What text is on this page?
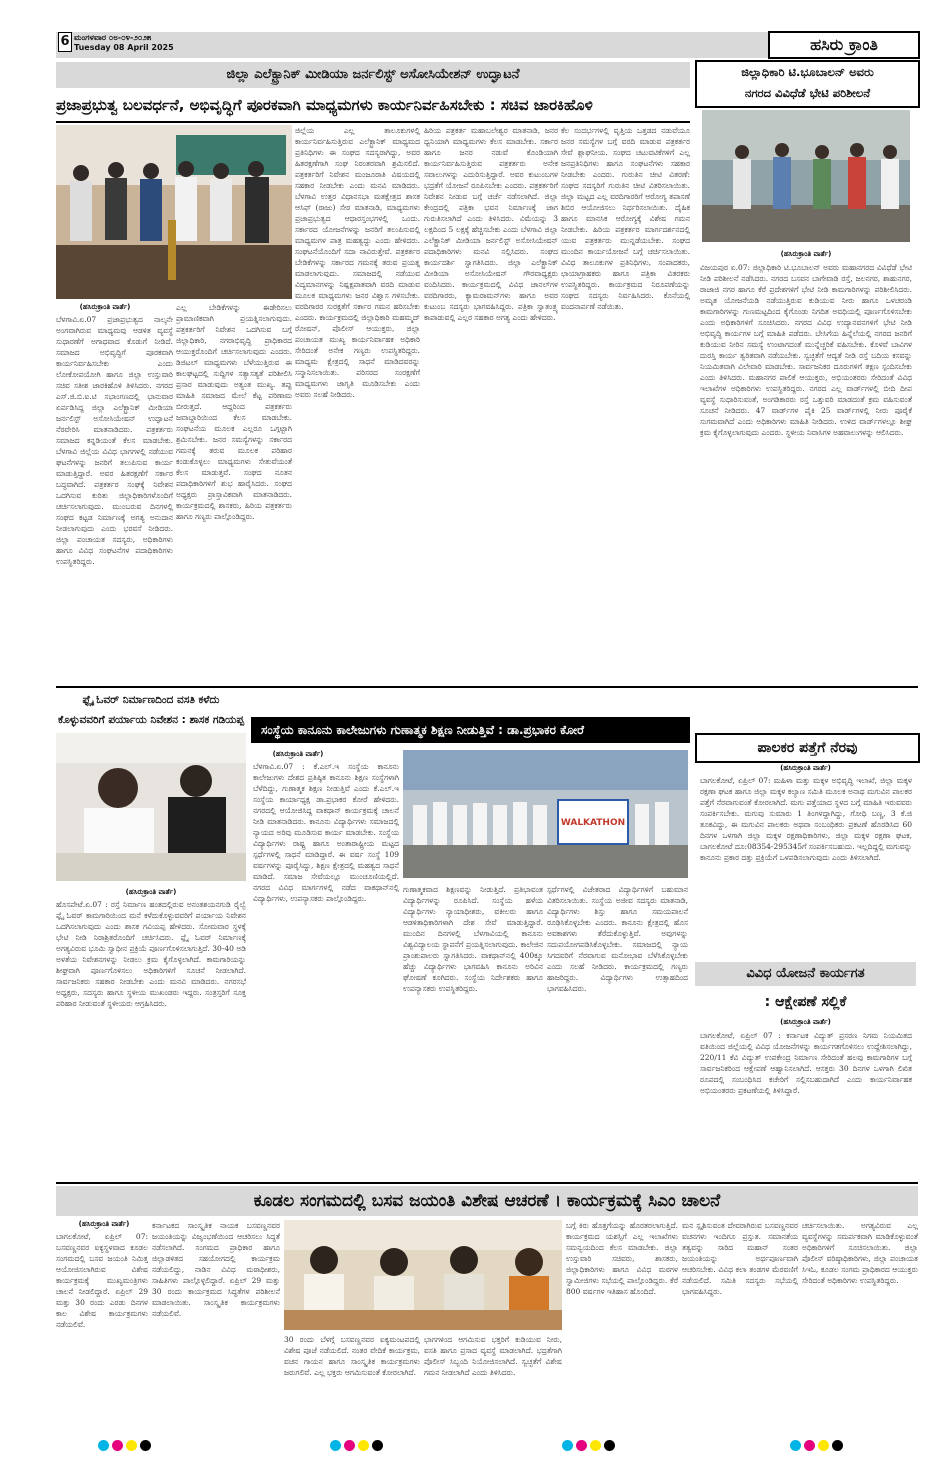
6 ಮಂಗಳವಾರ ೦೮-೦೪-೨೦೨೫
Tuesday 08 April 2025	ಹಸಿರು ಕ್ರಾಂತಿ
ಜಿಲ್ಲಾ ಎಲೆಕ್ಟ್ರಾನಿಕ್ ಮೀಡಿಯಾ ಜರ್ನಲಿಸ್ಟ್ ಅಸೋಸಿಯೇಶನ್ ಉದ್ಘಾಟನೆ
ಪ್ರಜಾಪ್ರಭುತ್ವ ಬಲವರ್ಧನೆ, ಅಭಿವೃದ್ಧಿಗೆ ಪೂರಕವಾಗಿ ಮಾಧ್ಯಮಗಳು ಕಾರ್ಯನಿರ್ವಹಿಸಬೇಕು : ಸಚಿವ ಜಾರಕಿಹೊಳಿ
(ಹಸಿರುಕ್ರಾಂತಿ ವಾರ್ತೆ)
ಬೆಳಗಾವಿ.ಏ.07 ಪ್ರಜಾಪ್ರಭುತ್ವದ ನಾಲ್ಕನೇ ಅಂಗವಾಗಿರುವ ಮಾಧ್ಯಮವು ಆಡಳಿತ ವ್ಯವಸ್ಥೆ ಸುಧಾರಣೆಗೆ ಅಗಾಧವಾದ ಕೊಡುಗೆ ನೀಡಿದೆ. ಸಮಾಜದ ಅಭಿವೃದ್ಧಿಗೆ ಪೂರಕವಾಗಿ ಕಾರ್ಯನಿರ್ವಹಿಸಬೇಕು ಎಂದು ಲೋಕೋಪಯೋಗಿ ಹಾಗೂ ಜಿಲ್ಲಾ ಉಸ್ತುವಾರಿ ಸಚಿವ ಸತೀಶ ಜಾರಕಿಹೊಳಿ ತಿಳಿಸಿದರು. ನಗರದ ಎಸ್.ಜಿ.ಬಿ.ಐ.ಟಿ ಸಭಾಂಗಣದಲ್ಲಿ ಭಾನುವಾರ ಏರ್ಪಡಿಸಿದ್ದ ಜಿಲ್ಲಾ ಎಲೆಕ್ಟ್ರಾನಿಕ್ ಮೀಡಿಯಾ ಜರ್ನಲಿಸ್ಟ್ ಅಸೋಸಿಯೇಷನ್ ಉದ್ಘಾಟನೆ ನೆರವೇರಿಸಿ ಮಾತನಾಡಿದರು. ಪತ್ರಕರ್ತರು ಸಮಾಜದ ಕನ್ನಡಿಯಂತೆ ಕೆಲಸ ಮಾಡಬೇಕು. ಬೆಳಗಾವಿ ಜಿಲ್ಲೆಯ ವಿವಿಧ ಭಾಗಗಳಲ್ಲಿ ನಡೆಯುವ ಘಟನೆಗಳನ್ನು ಜನರಿಗೆ ತಲುಪಿಸುವ ಕಾರ್ಯ ಮಾಡುತ್ತಿದ್ದಾರೆ. ಅವರ ಹಿತರಕ್ಷಣೆಗೆ ಸರ್ಕಾರ ಬದ್ಧವಾಗಿದೆ. ಪತ್ರಕರ್ತರ ಸಂಘಕ್ಕೆ ನಿವೇಶನ ಒದಗಿಸುವ ಕುರಿತು ಜಿಲ್ಲಾಧಿಕಾರಿಗಳೊಂದಿಗೆ ಚರ್ಚಿಸಲಾಗುವುದು. ಮುಂಬರುವ ದಿನಗಳಲ್ಲಿ ಸಂಘದ ಕಟ್ಟಡ ನಿರ್ಮಾಣಕ್ಕೆ ಅಗತ್ಯ ಅನುದಾನ ನೀಡಲಾಗುವುದು ಎಂದು ಭರವಸೆ ನೀಡಿದರು. ಜಿಲ್ಲಾ ಪಂಚಾಯತ ಸದಸ್ಯರು, ಅಧಿಕಾರಿಗಳು ಹಾಗೂ ವಿವಿಧ ಸಂಘಟನೆಗಳ ಪದಾಧಿಕಾರಿಗಳು ಉಪಸ್ಥಿತರಿದ್ದರು.
ಎಲ್ಲ ಬೇಡಿಕೆಗಳನ್ನು ಈಡೇರಿಸಲು ಪ್ರಾಮಾಣಿಕವಾಗಿ ಪ್ರಯತ್ನಿಸಲಾಗುವುದು. ಪತ್ರಕರ್ತರಿಗೆ ನಿವೇಶನ ಒದಗಿಸುವ ಬಗ್ಗೆ ಜಿಲ್ಲಾಧಿಕಾರಿ, ನಗರಾಭಿವೃದ್ಧಿ ಪ್ರಾಧಿಕಾರದ ಆಯುಕ್ತರೊಂದಿಗೆ ಚರ್ಚಿಸಲಾಗುವುದು ಎಂದರು. ಡಿಜಿಟಲ್ ಮಾಧ್ಯಮಗಳು ಬೆಳೆಯುತ್ತಿರುವ ಈ ಕಾಲಘಟ್ಟದಲ್ಲಿ ಸುದ್ದಿಗಳ ಸತ್ಯಾಸತ್ಯತೆ ಪರಿಶೀಲಿಸಿ ಪ್ರಸಾರ ಮಾಡುವುದು ಅತ್ಯಂತ ಮುಖ್ಯ. ತಪ್ಪು ಮಾಹಿತಿ ಸಮಾಜದ ಮೇಲೆ ಕೆಟ್ಟ ಪರಿಣಾಮ ಬೀರುತ್ತದೆ. ಆದ್ದರಿಂದ ಪತ್ರಕರ್ತರು ಜವಾಬ್ದಾರಿಯಿಂದ ಕೆಲಸ ಮಾಡಬೇಕು. ಸಂಘಟನೆಯ ಮೂಲಕ ಎಲ್ಲರೂ ಒಗ್ಗಟ್ಟಾಗಿ ಶ್ರಮಿಸಬೇಕು. ಜನರ ಸಮಸ್ಯೆಗಳನ್ನು ಸರ್ಕಾರದ ಗಮನಕ್ಕೆ ತರುವ ಮೂಲಕ ಪರಿಹಾರ ಕಂಡುಕೊಳ್ಳಲು ಮಾಧ್ಯಮಗಳು ಸೇತುವೆಯಂತೆ ಕೆಲಸ ಮಾಡುತ್ತವೆ. ಸಂಘದ ನೂತನ ಪದಾಧಿಕಾರಿಗಳಿಗೆ ಶುಭ ಹಾರೈಸಿದರು. ಸಂಘದ ಅಧ್ಯಕ್ಷರು ಪ್ರಾಸ್ತಾವಿಕವಾಗಿ ಮಾತನಾಡಿದರು. ಕಾರ್ಯಕ್ರಮದಲ್ಲಿ ಶಾಸಕರು, ಹಿರಿಯ ಪತ್ರಕರ್ತರು ಹಾಗೂ ಗಣ್ಯರು ಪಾಲ್ಗೊಂಡಿದ್ದರು.
ಜಿಲ್ಲೆಯ ಎಲ್ಲ ತಾಲೂಕುಗಳಲ್ಲಿ ಕಾರ್ಯನಿರ್ವಹಿಸುತ್ತಿರುವ ಎಲೆಕ್ಟ್ರಾನಿಕ್ ಮಾಧ್ಯಮದ ಪ್ರತಿನಿಧಿಗಳು ಈ ಸಂಘದ ಸದಸ್ಯರಾಗಿದ್ದು, ಅವರ ಹಿತರಕ್ಷಣೆಗಾಗಿ ಸಂಘ ನಿರಂತರವಾಗಿ ಶ್ರಮಿಸಲಿದೆ. ಪತ್ರಕರ್ತರಿಗೆ ನಿವೇಶನ ಮಂಜೂರಾತಿ ವಿಷಯದಲ್ಲಿ ಸಹಕಾರ ನೀಡಬೇಕು ಎಂದು ಮನವಿ ಮಾಡಿದರು. ಬೆಳಗಾವಿ ಉತ್ತರ ವಿಧಾನಸಭಾ ಮತಕ್ಷೇತ್ರದ ಶಾಸಕ ಆಸಿಫ್ (ರಾಜು) ಸೇಠ ಮಾತನಾಡಿ, ಮಾಧ್ಯಮಗಳು ಪ್ರಜಾಪ್ರಭುತ್ವದ ಆಧಾರಸ್ತಂಭಗಳಲ್ಲಿ ಒಂದು. ಸರ್ಕಾರದ ಯೋಜನೆಗಳನ್ನು ಜನರಿಗೆ ತಲುಪಿಸುವಲ್ಲಿ ಮಾಧ್ಯಮಗಳ ಪಾತ್ರ ಮಹತ್ವದ್ದು ಎಂದು ಹೇಳಿದರು. ಸಂಘಟನೆಯೊಂದಿಗೆ ಸದಾ ನಾವಿರುತ್ತೇವೆ. ಪತ್ರಕರ್ತರ ಬೇಡಿಕೆಗಳನ್ನು ಸರ್ಕಾರದ ಗಮನಕ್ಕೆ ತರುವ ಪ್ರಯತ್ನ ಮಾಡಲಾಗುವುದು. ಸಮಾಜದಲ್ಲಿ ನಡೆಯುವ ವಿದ್ಯಮಾನಗಳನ್ನು ನಿಷ್ಪಕ್ಷಪಾತವಾಗಿ ವರದಿ ಮಾಡುವ ಮೂಲಕ ಮಾಧ್ಯಮಗಳು ಜನರ ವಿಶ್ವಾಸ ಗಳಿಸಬೇಕು. ವರದಿಗಾರರ ಸುರಕ್ಷತೆಗೆ ಸರ್ಕಾರ ಗಮನ ಹರಿಸಬೇಕು ಎಂದರು. ಕಾರ್ಯಕ್ರಮದಲ್ಲಿ ಜಿಲ್ಲಾಧಿಕಾರಿ ಮಹಮ್ಮದ್ ರೋಷನ್, ಪೊಲೀಸ್ ಆಯುಕ್ತರು, ಜಿಲ್ಲಾ ಪಂಚಾಯತ ಮುಖ್ಯ ಕಾರ್ಯನಿರ್ವಾಹಕ ಅಧಿಕಾರಿ ಸೇರಿದಂತೆ ಅನೇಕ ಗಣ್ಯರು ಉಪಸ್ಥಿತರಿದ್ದರು. ಮಾಧ್ಯಮ ಕ್ಷೇತ್ರದಲ್ಲಿ ಸಾಧನೆ ಮಾಡಿದವರನ್ನು ಸನ್ಮಾನಿಸಲಾಯಿತು. ಪರಿಸರದ ಸಂರಕ್ಷಣೆಗೆ ಮಾಧ್ಯಮಗಳು ಜಾಗೃತಿ ಮೂಡಿಸಬೇಕು ಎಂದು ಅವರು ಸಲಹೆ ನೀಡಿದರು.
ಹಿರಿಯ ಪತ್ರಕರ್ತ ಮಹಾಬಲೇಶ್ವರ ಮಾತನಾಡಿ, ಜನರ ಧ್ವನಿಯಾಗಿ ಮಾಧ್ಯಮಗಳು ಕೆಲಸ ಮಾಡಬೇಕು. ಸರ್ಕಾರ ಹಾಗೂ ಜನರ ನಡುವೆ ಕೊಂಡಿಯಾಗಿ ಕಾರ್ಯನಿರ್ವಹಿಸುತ್ತಿರುವ ಪತ್ರಕರ್ತರು ಅನೇಕ ಸವಾಲುಗಳನ್ನು ಎದುರಿಸುತ್ತಿದ್ದಾರೆ. ಅವರ ಕುಟುಂಬಗಳ ಭದ್ರತೆಗೆ ಯೋಜನೆ ರೂಪಿಸಬೇಕು ಎಂದರು. ಪತ್ರಕರ್ತರಿಗೆ ನಿವೇಶನ ನೀಡುವ ಬಗ್ಗೆ ಚರ್ಚೆ ನಡೆಸಲಾಗಿದೆ. ಜಿಲ್ಲಾ ಕೇಂದ್ರದಲ್ಲಿ ಪತ್ರಿಕಾ ಭವನ ನಿರ್ಮಾಣಕ್ಕೆ ಜಾಗ ಗುರುತಿಸಲಾಗಿದೆ ಎಂದು ತಿಳಿಸಿದರು. ವಿಮೆಯನ್ನು 3 ಲಕ್ಷದಿಂದ 5 ಲಕ್ಷಕ್ಕೆ ಹೆಚ್ಚಿಸಬೇಕು ಎಂದು ಬೆಳಗಾವಿ ಜಿಲ್ಲಾ ಎಲೆಕ್ಟ್ರಾನಿಕ್ ಮೀಡಿಯಾ ಜರ್ನಲಿಸ್ಟ್ ಅಸೋಸಿಯೇಷನ್ ಪದಾಧಿಕಾರಿಗಳು ಮನವಿ ಸಲ್ಲಿಸಿದರು. ಸಂಘದ ಕಾರ್ಯದರ್ಶಿ ಸ್ವಾಗತಿಸಿದರು. ಜಿಲ್ಲಾ ಎಲೆಕ್ಟ್ರಾನಿಕ್ ಮೀಡಿಯಾ ಅಸೋಸಿಯೇಷನ್ ಗೌರವಾಧ್ಯಕ್ಷರು ವಂದಿಸಿದರು. ಕಾರ್ಯಕ್ರಮದಲ್ಲಿ ವಿವಿಧ ಚಾನಲ್‌ಗಳ ವರದಿಗಾರರು, ಕ್ಯಾಮರಾಮನ್‌ಗಳು ಹಾಗೂ ಅವರ ಕುಟುಂಬ ಸದಸ್ಯರು ಭಾಗವಹಿಸಿದ್ದರು. ಪತ್ರಿಕಾ ಸ್ವಾತಂತ್ರ್ಯ ಕಾಪಾಡುವಲ್ಲಿ ಎಲ್ಲರ ಸಹಕಾರ ಅಗತ್ಯ ಎಂದು ಹೇಳಿದರು.
ಕೆಲ ಸಂದರ್ಭಗಳಲ್ಲಿ ವೃತ್ತಿಯ ಒತ್ತಡದ ನಡುವೆಯೂ ಜನರ ಸಮಸ್ಯೆಗಳ ಬಗ್ಗೆ ವರದಿ ಮಾಡುವ ಪತ್ರಕರ್ತರ ಸೇವೆ ಶ್ಲಾಘನೀಯ. ಸಂಘದ ಚಟುವಟಿಕೆಗಳಿಗೆ ಎಲ್ಲ ಜನಪ್ರತಿನಿಧಿಗಳು ಹಾಗೂ ಸಂಘಟನೆಗಳು ಸಹಕಾರ ನೀಡಬೇಕು ಎಂದರು. ಗುರುತಿನ ಚೀಟಿ ವಿತರಣೆ: ಸಂಘದ ಸದಸ್ಯರಿಗೆ ಗುರುತಿನ ಚೀಟಿ ವಿತರಿಸಲಾಯಿತು. ಜಿಲ್ಲಾ ಮಟ್ಟದ ಎಲ್ಲ ವರದಿಗಾರರಿಗೆ ಆರೋಗ್ಯ ತಪಾಸಣೆ ಶಿಬಿರ ಆಯೋಜಿಸಲು ನಿರ್ಧರಿಸಲಾಯಿತು. ದೈಹಿಕ ಹಾಗೂ ಮಾನಸಿಕ ಆರೋಗ್ಯಕ್ಕೆ ವಿಶೇಷ ಗಮನ ನೀಡಬೇಕು. ಹಿರಿಯ ಪತ್ರಕರ್ತರ ಮಾರ್ಗದರ್ಶನದಲ್ಲಿ ಯುವ ಪತ್ರಕರ್ತರು ಮುನ್ನಡೆಯಬೇಕು. ಸಂಘದ ಮುಂದಿನ ಕಾರ್ಯಯೋಜನೆ ಬಗ್ಗೆ ಚರ್ಚಿಸಲಾಯಿತು. ವಿವಿಧ ತಾಲೂಕುಗಳ ಪ್ರತಿನಿಧಿಗಳು, ಸಂಪಾದಕರು, ಛಾಯಾಗ್ರಾಹಕರು ಹಾಗೂ ಪತ್ರಿಕಾ ವಿತರಕರು ಉಪಸ್ಥಿತರಿದ್ದರು. ಕಾರ್ಯಕ್ರಮದ ನಿರೂಪಣೆಯನ್ನು ಸಂಘದ ಸದಸ್ಯರು ನಿರ್ವಹಿಸಿದರು. ಕೊನೆಯಲ್ಲಿ ವಂದನಾರ್ಪಣೆ ನಡೆಯಿತು.
ಜಿಲ್ಲಾಧಿಕಾರಿ ಟಿ.ಭೂಬಾಲನ್ ಅವರು
ನಗರದ ವಿವಿಧೆಡೆ ಭೇಟಿ ಪರಿಶೀಲನೆ
(ಹಸಿರುಕ್ರಾಂತಿ ವಾರ್ತೆ)
ವಿಜಯಪುರ ಏ.07: ಜಿಲ್ಲಾಧಿಕಾರಿ ಟಿ.ಭೂಬಾಲನ್ ಅವರು ಮಹಾನಗರದ ವಿವಿಧೆಡೆ ಭೇಟಿ ನೀಡಿ ಪರಿಶೀಲನೆ ನಡೆಸಿದರು. ನಗರದ ಬಸವನ ಬಾಗೇವಾಡಿ ರಸ್ತೆ, ಜಲನಗರ, ಶಾಹುನಗರ, ರಾಜಾಜಿ ನಗರ ಹಾಗೂ ಕೆರೆ ಪ್ರದೇಶಗಳಿಗೆ ಭೇಟಿ ನೀಡಿ ಕಾಮಗಾರಿಗಳನ್ನು ಪರಿಶೀಲಿಸಿದರು. ಅಮೃತ ಯೋಜನೆಯಡಿ ನಡೆಯುತ್ತಿರುವ ಕುಡಿಯುವ ನೀರು ಹಾಗೂ ಒಳಚರಂಡಿ ಕಾಮಗಾರಿಗಳನ್ನು ಗುಣಮಟ್ಟದಿಂದ ಕೈಗೊಂಡು ನಿಗದಿತ ಅವಧಿಯಲ್ಲಿ ಪೂರ್ಣಗೊಳಿಸಬೇಕು ಎಂದು ಅಧಿಕಾರಿಗಳಿಗೆ ಸೂಚಿಸಿದರು. ನಗರದ ವಿವಿಧ ಉದ್ಯಾನವನಗಳಿಗೆ ಭೇಟಿ ನೀಡಿ ಅಭಿವೃದ್ಧಿ ಕಾರ್ಯಗಳ ಬಗ್ಗೆ ಮಾಹಿತಿ ಪಡೆದರು. ಬೇಸಿಗೆಯ ಹಿನ್ನೆಲೆಯಲ್ಲಿ ನಗರದ ಜನರಿಗೆ ಕುಡಿಯುವ ನೀರಿನ ಸಮಸ್ಯೆ ಉಂಟಾಗದಂತೆ ಮುನ್ನೆಚ್ಚರಿಕೆ ವಹಿಸಬೇಕು. ಕೊಳವೆ ಬಾವಿಗಳ ದುರಸ್ತಿ ಕಾರ್ಯ ತ್ವರಿತವಾಗಿ ನಡೆಯಬೇಕು. ಸ್ವಚ್ಛತೆಗೆ ಆದ್ಯತೆ ನೀಡಿ ರಸ್ತೆ ಬದಿಯ ಕಸವನ್ನು ನಿಯಮಿತವಾಗಿ ವಿಲೇವಾರಿ ಮಾಡಬೇಕು. ಸಾರ್ವಜನಿಕರ ದೂರುಗಳಿಗೆ ತಕ್ಷಣ ಸ್ಪಂದಿಸಬೇಕು ಎಂದು ತಿಳಿಸಿದರು. ಮಹಾನಗರ ಪಾಲಿಕೆ ಆಯುಕ್ತರು, ಅಭಿಯಂತರರು ಸೇರಿದಂತೆ ವಿವಿಧ ಇಲಾಖೆಗಳ ಅಧಿಕಾರಿಗಳು ಉಪಸ್ಥಿತರಿದ್ದರು. ನಗರದ ಎಲ್ಲ ವಾರ್ಡ್‌ಗಳಲ್ಲಿ ಬೀದಿ ದೀಪ ವ್ಯವಸ್ಥೆ ಸುಧಾರಿಸುವಂತೆ, ಅಂಗಡಿಕಾರರು ರಸ್ತೆ ಒತ್ತುವರಿ ಮಾಡದಂತೆ ಕ್ರಮ ವಹಿಸುವಂತೆ ಸೂಚನೆ ನೀಡಿದರು. 47 ವಾರ್ಡ್‌ಗಳ ಪೈಕಿ 25 ವಾರ್ಡ್‌ಗಳಲ್ಲಿ ನೀರು ಪೂರೈಕೆ ಸುಗಮವಾಗಿದೆ ಎಂದು ಅಧಿಕಾರಿಗಳು ಮಾಹಿತಿ ನೀಡಿದರು. ಉಳಿದ ವಾರ್ಡ್‌ಗಳಲ್ಲೂ ಶೀಘ್ರ ಕ್ರಮ ಕೈಗೊಳ್ಳಲಾಗುವುದು ಎಂದರು. ಸ್ಥಳೀಯ ನಿವಾಸಿಗಳ ಅಹವಾಲುಗಳನ್ನು ಆಲಿಸಿದರು.
ಫ್ಲೈ ಓವರ್ ನಿರ್ಮಾಣದಿಂದ ವಸತಿ ಕಳೆದು
ಕೊಳ್ಳುವವರಿಗೆ ಪರ್ಯಾಯ ನಿವೇಶನ : ಶಾಸಕ ಗಡಿಯಪ್ಪ
(ಹಸಿರುಕ್ರಾಂತಿ ವಾರ್ತೆ)
ಹೊಸಪೇಟೆ.ಏ.07 : ರಸ್ತೆ ನಿರ್ಮಾಣ ಹಂತದಲ್ಲಿರುವ ಅನಂತಶಯನಗುಡಿ ರೈಲ್ವೆ ಫ್ಲೈ ಓವರ್ ಕಾಮಗಾರಿಯಿಂದ ಮನೆ ಕಳೆದುಕೊಳ್ಳುವವರಿಗೆ ಪರ್ಯಾಯ ನಿವೇಶನ ಒದಗಿಸಲಾಗುವುದು ಎಂದು ಶಾಸಕ ಗವಿಯಪ್ಪ ಹೇಳಿದರು. ಸೋಮವಾರ ಸ್ಥಳಕ್ಕೆ ಭೇಟಿ ನೀಡಿ ನಿರಾಶ್ರಿತರೊಂದಿಗೆ ಚರ್ಚಿಸಿದರು. ಫ್ಲೈ ಓವರ್ ನಿರ್ಮಾಣಕ್ಕೆ ಅಗತ್ಯವಿರುವ ಭೂಮಿ ಸ್ವಾಧೀನ ಪ್ರಕ್ರಿಯೆ ಪೂರ್ಣಗೊಳಿಸಲಾಗುತ್ತಿದೆ. 30-40 ಅಡಿ ಅಳತೆಯ ನಿವೇಶನಗಳನ್ನು ನೀಡಲು ಕ್ರಮ ಕೈಗೊಳ್ಳಲಾಗಿದೆ. ಕಾಮಗಾರಿಯನ್ನು ಶೀಘ್ರವಾಗಿ ಪೂರ್ಣಗೊಳಿಸಲು ಅಧಿಕಾರಿಗಳಿಗೆ ಸೂಚನೆ ನೀಡಲಾಗಿದೆ. ಸಾರ್ವಜನಿಕರು ಸಹಕಾರ ನೀಡಬೇಕು ಎಂದು ಮನವಿ ಮಾಡಿದರು. ನಗರಸಭೆ ಅಧ್ಯಕ್ಷರು, ಸದಸ್ಯರು ಹಾಗೂ ಸ್ಥಳೀಯ ಮುಖಂಡರು ಇದ್ದರು. ಸಂತ್ರಸ್ತರಿಗೆ ಸೂಕ್ತ ಪರಿಹಾರ ನೀಡುವಂತೆ ಸ್ಥಳೀಯರು ಆಗ್ರಹಿಸಿದರು.
ಸಂಸ್ಥೆಯ ಕಾನೂನು ಕಾಲೇಜುಗಳು ಗುಣಾತ್ಮಕ ಶಿಕ್ಷಣ ನೀಡುತ್ತಿವೆ : ಡಾ.ಪ್ರಭಾಕರ ಕೋರೆ
(ಹಸಿರುಕ್ರಾಂತಿ ವಾರ್ತೆ)
ಬೆಳಗಾವಿ.ಏ.07 : ಕೆ.ಎಲ್.ಇ ಸಂಸ್ಥೆಯ ಕಾನೂನು ಕಾಲೇಜುಗಳು ದೇಶದ ಪ್ರತಿಷ್ಠಿತ ಕಾನೂನು ಶಿಕ್ಷಣ ಸಂಸ್ಥೆಗಳಾಗಿ ಬೆಳೆದಿದ್ದು, ಗುಣಾತ್ಮಕ ಶಿಕ್ಷಣ ನೀಡುತ್ತಿವೆ ಎಂದು ಕೆ.ಎಲ್.ಇ ಸಂಸ್ಥೆಯ ಕಾರ್ಯಾಧ್ಯಕ್ಷ ಡಾ.ಪ್ರಭಾಕರ ಕೋರೆ ಹೇಳಿದರು. ನಗರದಲ್ಲಿ ಆಯೋಜಿಸಿದ್ದ ವಾಕಥಾನ್ ಕಾರ್ಯಕ್ರಮಕ್ಕೆ ಚಾಲನೆ ನೀಡಿ ಮಾತನಾಡಿದರು. ಕಾನೂನು ವಿದ್ಯಾರ್ಥಿಗಳು ಸಮಾಜದಲ್ಲಿ ನ್ಯಾಯದ ಅರಿವು ಮೂಡಿಸುವ ಕಾರ್ಯ ಮಾಡಬೇಕು. ಸಂಸ್ಥೆಯ ವಿದ್ಯಾರ್ಥಿಗಳು ರಾಷ್ಟ್ರ ಹಾಗೂ ಅಂತಾರಾಷ್ಟ್ರೀಯ ಮಟ್ಟದ ಸ್ಪರ್ಧೆಗಳಲ್ಲಿ ಸಾಧನೆ ಮಾಡಿದ್ದಾರೆ. ಈ ವರ್ಷ ಸಂಸ್ಥೆ 109 ವರ್ಷಗಳನ್ನು ಪೂರೈಸಿದ್ದು, ಶಿಕ್ಷಣ ಕ್ಷೇತ್ರದಲ್ಲಿ ಮಹತ್ವದ ಸಾಧನೆ ಮಾಡಿದೆ. ಸಮಾಜ ಸೇವೆಯಲ್ಲೂ ಮುಂಚೂಣಿಯಲ್ಲಿದೆ. ನಗರದ ವಿವಿಧ ಮಾರ್ಗಗಳಲ್ಲಿ ನಡೆದ ವಾಕಥಾನ್‌ನಲ್ಲಿ ವಿದ್ಯಾರ್ಥಿಗಳು, ಉಪನ್ಯಾಸಕರು ಪಾಲ್ಗೊಂಡಿದ್ದರು.
WALKATHON
ಗುಣಾತ್ಮಕವಾದ ಶಿಕ್ಷಣವನ್ನು ನೀಡುತ್ತಿದೆ. ಪ್ರತಿಭಾವಂತ ವಿದ್ಯಾರ್ಥಿಗಳನ್ನು ರೂಪಿಸಿದೆ. ಸಂಸ್ಥೆಯ ಹಳೆಯ ವಿದ್ಯಾರ್ಥಿಗಳು ನ್ಯಾಯಾಧೀಶರು, ವಕೀಲರು ಹಾಗೂ ಆಡಳಿತಾಧಿಕಾರಿಗಳಾಗಿ ದೇಶ ಸೇವೆ ಮಾಡುತ್ತಿದ್ದಾರೆ. ಮುಂದಿನ ದಿನಗಳಲ್ಲಿ ಬೆಳಗಾವಿಯಲ್ಲಿ ಕಾನೂನು ವಿಶ್ವವಿದ್ಯಾಲಯ ಸ್ಥಾಪನೆಗೆ ಪ್ರಯತ್ನಿಸಲಾಗುವುದು. ಕಾಲೇಜಿನ ಪ್ರಾಂಶುಪಾಲರು ಸ್ವಾಗತಿಸಿದರು. ವಾಕಥಾನ್‌ನಲ್ಲಿ 400ಕ್ಕೂ ಹೆಚ್ಚು ವಿದ್ಯಾರ್ಥಿಗಳು ಭಾಗವಹಿಸಿ ಕಾನೂನು ಅರಿವಿನ ಘೋಷಣೆ ಕೂಗಿದರು. ಸಂಸ್ಥೆಯ ನಿರ್ದೇಶಕರು ಹಾಗೂ ಉಪನ್ಯಾಸಕರು ಉಪಸ್ಥಿತರಿದ್ದರು.
ಸ್ಪರ್ಧೆಗಳಲ್ಲಿ ವಿಜೇತರಾದ ವಿದ್ಯಾರ್ಥಿಗಳಿಗೆ ಬಹುಮಾನ ವಿತರಿಸಲಾಯಿತು. ಸಂಸ್ಥೆಯ ಅಜೀವ ಸದಸ್ಯರು ಮಾತನಾಡಿ, ವಿದ್ಯಾರ್ಥಿಗಳು ಶಿಸ್ತು ಹಾಗೂ ಸಮಯಪಾಲನೆ ರೂಢಿಸಿಕೊಳ್ಳಬೇಕು ಎಂದರು. ಕಾನೂನು ಕ್ಷೇತ್ರದಲ್ಲಿ ಹೊಸ ಅವಕಾಶಗಳು ತೆರೆದುಕೊಳ್ಳುತ್ತಿವೆ. ಅವುಗಳನ್ನು ಸದುಪಯೋಗಪಡಿಸಿಕೊಳ್ಳಬೇಕು. ಸಮಾಜದಲ್ಲಿ ನ್ಯಾಯ ಸಿಗದವರಿಗೆ ನೆರವಾಗುವ ಮನೋಭಾವ ಬೆಳೆಸಿಕೊಳ್ಳಬೇಕು ಎಂದು ಸಲಹೆ ನೀಡಿದರು. ಕಾರ್ಯಕ್ರಮದಲ್ಲಿ ಗಣ್ಯರು ಹಾಜರಿದ್ದರು. ವಿದ್ಯಾರ್ಥಿಗಳು ಉತ್ಸಾಹದಿಂದ ಭಾಗವಹಿಸಿದರು.
ಪಾಲಕರ ಪತ್ತೆಗೆ ನೆರವು
(ಹಸಿರುಕ್ರಾಂತಿ ವಾರ್ತೆ)
ಬಾಗಲಕೋಟೆ, ಏಪ್ರಿಲ್ 07: ಮಹಿಳಾ ಮತ್ತು ಮಕ್ಕಳ ಅಭಿವೃದ್ಧಿ ಇಲಾಖೆ, ಜಿಲ್ಲಾ ಮಕ್ಕಳ ರಕ್ಷಣಾ ಘಟಕ ಹಾಗೂ ಜಿಲ್ಲಾ ಮಕ್ಕಳ ಕಲ್ಯಾಣ ಸಮಿತಿ ಮೂಲಕ ಅನಾಥ ಮಗುವಿನ ಪಾಲಕರ ಪತ್ತೆಗೆ ನೆರವಾಗುವಂತೆ ಕೋರಲಾಗಿದೆ. ಮಗು ಪತ್ತೆಯಾದ ಸ್ಥಳದ ಬಗ್ಗೆ ಮಾಹಿತಿ ಇರುವವರು ಸಂಪರ್ಕಿಸಬೇಕು. ಮಗುವು ಸುಮಾರು 1 ತಿಂಗಳದ್ದಾಗಿದ್ದು, ಗೋಧಿ ಬಣ್ಣ, 3 ಕೆ.ಜಿ ತೂಕವಿದ್ದು, ಈ ಮಗುವಿನ ಪಾಲಕರು ಅಥವಾ ಸಂಬಂಧಿಕರು ಪ್ರಕಟಣೆ ಹೊರಡಿಸಿದ 60 ದಿನಗಳ ಒಳಗಾಗಿ ಜಿಲ್ಲಾ ಮಕ್ಕಳ ರಕ್ಷಣಾಧಿಕಾರಿಗಳು, ಜಿಲ್ಲಾ ಮಕ್ಕಳ ರಕ್ಷಣಾ ಘಟಕ, ಬಾಗಲಕೋಟೆ ದೂ:08354-295345ಗೆ ಸಂಪರ್ಕಿಸಬಹುದು. ಇಲ್ಲದಿದ್ದಲ್ಲಿ ಮಗುವನ್ನು ಕಾನೂನು ಪ್ರಕಾರ ದತ್ತು ಪ್ರಕ್ರಿಯೆಗೆ ಒಳಪಡಿಸಲಾಗುವುದು ಎಂದು ತಿಳಿಸಲಾಗಿದೆ.
ವಿವಿಧ ಯೋಜನೆ ಕಾರ್ಯಗತ
: ಆಕ್ಷೇಪಣೆ ಸಲ್ಲಿಕೆ
(ಹಸಿರುಕ್ರಾಂತಿ ವಾರ್ತೆ)
ಬಾಗಲಕೋಟೆ, ಏಪ್ರಿಲ್ 07 : ಕರ್ನಾಟಕ ವಿದ್ಯುತ್ ಪ್ರಸರಣ ನಿಗಮ ನಿಯಮಿತದ ವತಿಯಿಂದ ಜಿಲ್ಲೆಯಲ್ಲಿ ವಿವಿಧ ಯೋಜನೆಗಳನ್ನು ಕಾರ್ಯಗತಗೊಳಿಸಲು ಉದ್ದೇಶಿಸಲಾಗಿದ್ದು, 220/11 ಕೆವಿ ವಿದ್ಯುತ್ ಉಪಕೇಂದ್ರ ನಿರ್ಮಾಣ ಸೇರಿದಂತೆ ಹಲವು ಕಾಮಗಾರಿಗಳ ಬಗ್ಗೆ ಸಾರ್ವಜನಿಕರಿಂದ ಆಕ್ಷೇಪಣೆ ಆಹ್ವಾನಿಸಲಾಗಿದೆ. ಆಸಕ್ತರು 30 ದಿನಗಳ ಒಳಗಾಗಿ ಲಿಖಿತ ರೂಪದಲ್ಲಿ ಸಂಬಂಧಿಸಿದ ಕಚೇರಿಗೆ ಸಲ್ಲಿಸಬಹುದಾಗಿದೆ ಎಂದು ಕಾರ್ಯನಿರ್ವಾಹಕ ಅಭಿಯಂತರರು ಪ್ರಕಟಣೆಯಲ್ಲಿ ತಿಳಿಸಿದ್ದಾರೆ.
ಕೂಡಲ ಸಂಗಮದಲ್ಲಿ ಬಸವ ಜಯಂತಿ ವಿಶೇಷ ಆಚರಣೆ । ಕಾರ್ಯಕ್ರಮಕ್ಕೆ ಸಿಎಂ ಚಾಲನೆ
(ಹಸಿರುಕ್ರಾಂತಿ ವಾರ್ತೆ)
ಬಾಗಲಕೋಟೆ, ಏಪ್ರಿಲ್ 07: ಬಸವಣ್ಣನವರ ಐಕ್ಯಸ್ಥಳವಾದ ಕೂಡಲ ಸಂಗಮದಲ್ಲಿ ಬಸವ ಜಯಂತಿ ನಿಮಿತ್ತ ಆಯೋಜಿಸಲಾಗಿರುವ ವಿಶೇಷ ಕಾರ್ಯಕ್ರಮಕ್ಕೆ ಮುಖ್ಯಮಂತ್ರಿಗಳು ಚಾಲನೆ ನೀಡಲಿದ್ದಾರೆ. ಏಪ್ರಿಲ್ 29 ಮತ್ತು 30 ರಂದು ಎರಡು ದಿನಗಳ ಕಾಲ ವಿಶೇಷ ಕಾರ್ಯಕ್ರಮಗಳು ನಡೆಯಲಿವೆ.
ಕರ್ನಾಟಕದ ಸಾಂಸ್ಕೃತಿಕ ನಾಯಕ ಬಸವಣ್ಣನವರ ಜಯಂತಿಯನ್ನು ವಿಜೃಂಭಣೆಯಿಂದ ಆಚರಿಸಲು ಸಿದ್ಧತೆ ನಡೆಸಲಾಗಿದೆ. ಸಂಗಮದ ಪ್ರಾಧಿಕಾರ ಹಾಗೂ ಜಿಲ್ಲಾಡಳಿತದ ಸಹಯೋಗದಲ್ಲಿ ಕಾರ್ಯಕ್ರಮ ನಡೆಯಲಿದ್ದು, ನಾಡಿನ ವಿವಿಧ ಮಠಾಧೀಶರು, ಸಾಹಿತಿಗಳು ಪಾಲ್ಗೊಳ್ಳಲಿದ್ದಾರೆ. ಏಪ್ರಿಲ್ 29 ಮತ್ತು 30 ರಂದು ಕಾರ್ಯಕ್ರಮದ ಸಿದ್ಧತೆಗಳ ಪರಿಶೀಲನೆ ಮಾಡಲಾಯಿತು. ಸಾಂಸ್ಕೃತಿಕ ಕಾರ್ಯಕ್ರಮಗಳು ನಡೆಯಲಿವೆ.
30 ರಂದು ಬೆಳಗ್ಗೆ ಬಸವಣ್ಣನವರ ಐಕ್ಯಮಂಟಪದಲ್ಲಿ ವಿಶೇಷ ಪೂಜೆ ನಡೆಯಲಿದೆ. ನಂತರ ವೇದಿಕೆ ಕಾರ್ಯಕ್ರಮ, ವಚನ ಗಾಯನ ಹಾಗೂ ಸಾಂಸ್ಕೃತಿಕ ಕಾರ್ಯಕ್ರಮಗಳು ಜರುಗಲಿವೆ. ಎಲ್ಲ ಭಕ್ತರು ಆಗಮಿಸುವಂತೆ ಕೋರಲಾಗಿದೆ.
ಭಾಗಗಳಿಂದ ಆಗಮಿಸುವ ಭಕ್ತರಿಗೆ ಕುಡಿಯುವ ನೀರು, ವಸತಿ ಹಾಗೂ ಪ್ರಸಾದ ವ್ಯವಸ್ಥೆ ಮಾಡಲಾಗಿದೆ. ಭದ್ರತೆಗಾಗಿ ಪೊಲೀಸ್ ಸಿಬ್ಬಂದಿ ನಿಯೋಜಿಸಲಾಗಿದೆ. ಸ್ವಚ್ಛತೆಗೆ ವಿಶೇಷ ಗಮನ ನೀಡಲಾಗಿದೆ ಎಂದು ತಿಳಿಸಿದರು.
ಬಗ್ಗೆ ಕಿರು ಹೊತ್ತಗೆಯನ್ನು ಹೊರತರಲಾಗುತ್ತಿದೆ. ಕಾರ್ಯಕ್ರಮದ ಯಶಸ್ಸಿಗೆ ಎಲ್ಲ ಇಲಾಖೆಗಳು ಸಮನ್ವಯದಿಂದ ಕೆಲಸ ಮಾಡಬೇಕು. ಜಿಲ್ಲಾ ಉಸ್ತುವಾರಿ ಸಚಿವರು, ಶಾಸಕರು, ಜಿಲ್ಲಾಧಿಕಾರಿಗಳು ಹಾಗೂ ವಿವಿಧ ಮಠಗಳ ಸ್ವಾಮೀಜಿಗಳು ಸಭೆಯಲ್ಲಿ ಪಾಲ್ಗೊಂಡಿದ್ದರು. ಕೆರೆ 800 ವರ್ಷಗಳ ಇತಿಹಾಸ ಹೊಂದಿದೆ.
ಮನ ಸ್ಪೃಶಿಸುವಂತ ದೇವರಾಗಿರುವ ಬಸವಣ್ಣನವರ ವಚನಗಳು ಇಂದಿಗೂ ಪ್ರಸ್ತುತ. ಸಮಾನತೆಯ ತತ್ವವನ್ನು ಸಾರಿದ ಮಹಾನ್ ಸಂತರ ಜಯಂತಿಯನ್ನು ಅರ್ಥಪೂರ್ಣವಾಗಿ ಆಚರಿಸಬೇಕು. ವಿವಿಧ ಕಲಾ ತಂಡಗಳ ಮೆರವಣಿಗೆ ನಡೆಯಲಿದೆ. ಸಮಿತಿ ಸದಸ್ಯರು ಸಭೆಯಲ್ಲಿ ಭಾಗವಹಿಸಿದ್ದರು.
ಚರ್ಚಿಸಲಾಯಿತು. ಅಗತ್ಯವಿರುವ ಎಲ್ಲ ವ್ಯವಸ್ಥೆಗಳನ್ನು ಸಮರ್ಪಕವಾಗಿ ಮಾಡಿಕೊಳ್ಳುವಂತೆ ಅಧಿಕಾರಿಗಳಿಗೆ ಸೂಚಿಸಲಾಯಿತು. ಜಿಲ್ಲಾ ಪೊಲೀಸ್ ವರಿಷ್ಠಾಧಿಕಾರಿಗಳು, ಜಿಲ್ಲಾ ಪಂಚಾಯತ ಸಿಇಓ, ಕೂಡಲ ಸಂಗಮ ಪ್ರಾಧಿಕಾರದ ಆಯುಕ್ತರು ಸೇರಿದಂತೆ ಅಧಿಕಾರಿಗಳು ಉಪಸ್ಥಿತರಿದ್ದರು.
